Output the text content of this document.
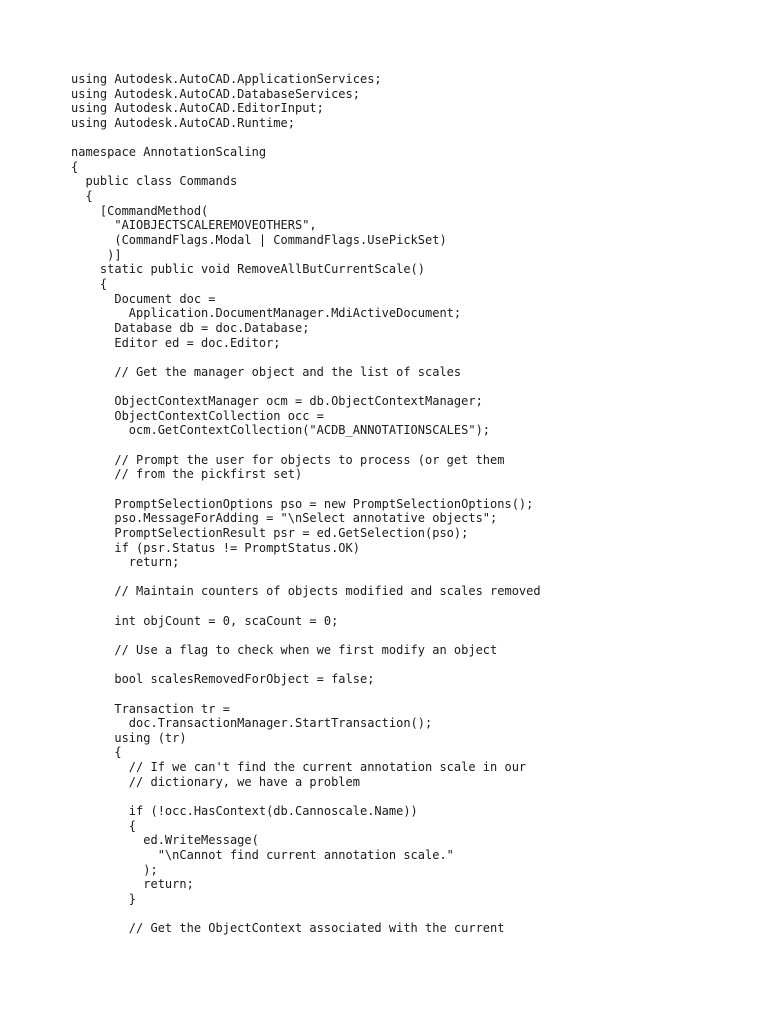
using Autodesk.AutoCAD.ApplicationServices;
using Autodesk.AutoCAD.DatabaseServices;
using Autodesk.AutoCAD.EditorInput;
using Autodesk.AutoCAD.Runtime;
namespace AnnotationScaling
{
public class Commands
{
[CommandMethod(
"AIOBJECTSCALEREMOVEOTHERS",
(CommandFlags.Modal | CommandFlags.UsePickSet)
)]
static public void RemoveAllButCurrentScale()
{
Document doc =
Application.DocumentManager.MdiActiveDocument;
Database db = doc.Database;
Editor ed = doc.Editor;
// Get the manager object and the list of scales
ObjectContextManager ocm = db.ObjectContextManager;
ObjectContextCollection occ =
ocm.GetContextCollection("ACDB_ANNOTATIONSCALES");
// Prompt the user for objects to process (or get them
// from the pickfirst set)
PromptSelectionOptions pso = new PromptSelectionOptions();
pso.MessageForAdding = "\nSelect annotative objects";
PromptSelectionResult psr = ed.GetSelection(pso);
if (psr.Status != PromptStatus.OK)
return;
// Maintain counters of objects modified and scales removed
int objCount = 0, scaCount = 0;
// Use a flag to check when we first modify an object
bool scalesRemovedForObject = false;
Transaction tr =
doc.TransactionManager.StartTransaction();
using (tr)
{
// If we can't find the current annotation scale in our
// dictionary, we have a problem
if (!occ.HasContext(db.Cannoscale.Name))
{
ed.WriteMessage(
"\nCannot find current annotation scale."
);
return;
}
// Get the ObjectContext associated with the current
